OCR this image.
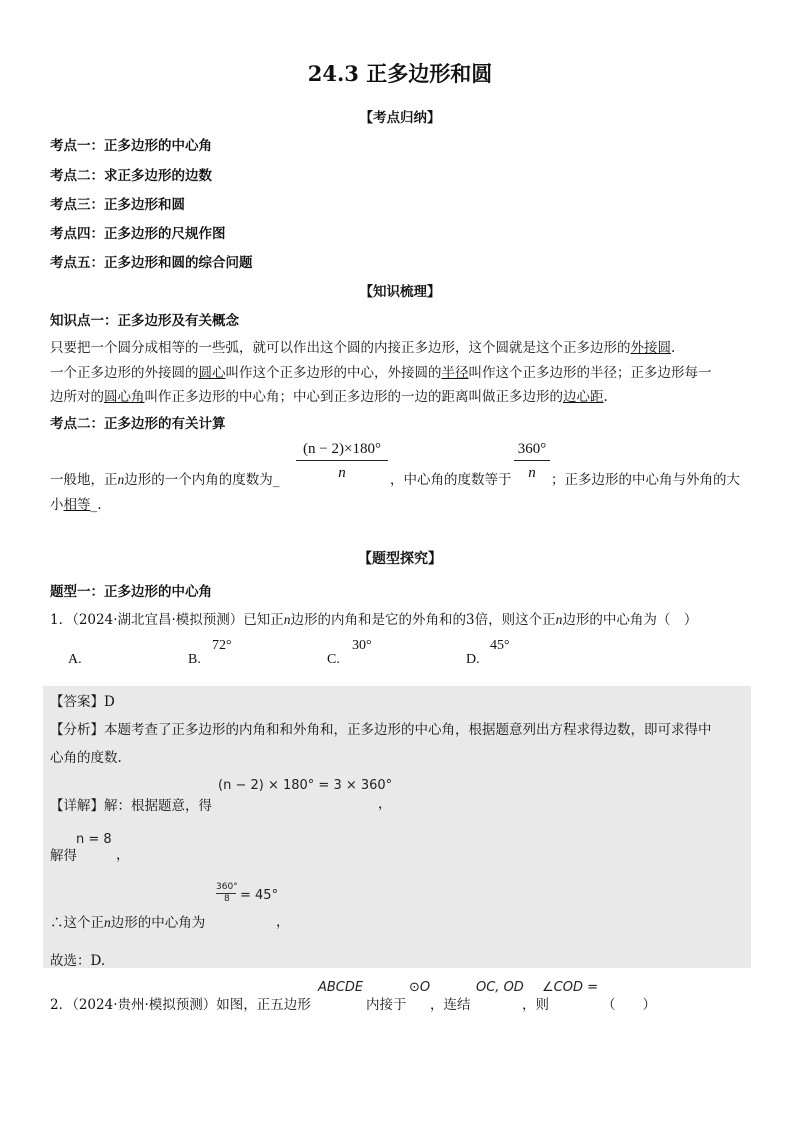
24.3 正多边形和圆
【考点归纳】
考点一：正多边形的中心角
考点二：求正多边形的边数
考点三：正多边形和圆
考点四：正多边形的尺规作图
考点五：正多边形和圆的综合问题
【知识梳理】
知识点一：正多边形及有关概念
只要把一个圆分成相等的一些弧，就可以作出这个圆的内接正多边形，这个圆就是这个正多边形的外接圆.
一个正多边形的外接圆的圆心叫作这个正多边形的中心，外接圆的半径叫作这个正多边形的半径；正多边形每一
边所对的圆心角叫作正多边形的中心角；中心到正多边形的一边的距离叫做正多边形的边心距.
考点二：正多边形的有关计算
(n − 2)×180°
n
360°
n
一般地，正n边形的一个内角的度数为_	，中心角的度数等于	；正多边形的中心角与外角的大
小相等_.
【题型探究】
题型一：正多边形的中心角
1．（2024·湖北宜昌·模拟预测）已知正n边形的内角和是它的外角和的3倍，则这个正n边形的中心角为（　）
A.	B.
72°
C.
30°
D.
45°
【答案】D
【分析】本题考查了正多边形的内角和和外角和，正多边形的中心角，根据题意列出方程求得边数，即可求得中
心角的度数.
【详解】解：根据题意，得
(n − 2) × 180° = 3 × 360°
，
n = 8
解得	，
360°
8 = 45°
∴这个正n边形的中心角为	，
故选：D.
2．（2024·贵州·模拟预测）如图，正五边形
ABCDE
内接于
⊙O
，连结
OC, OD
，则
∠COD =
（　　）
